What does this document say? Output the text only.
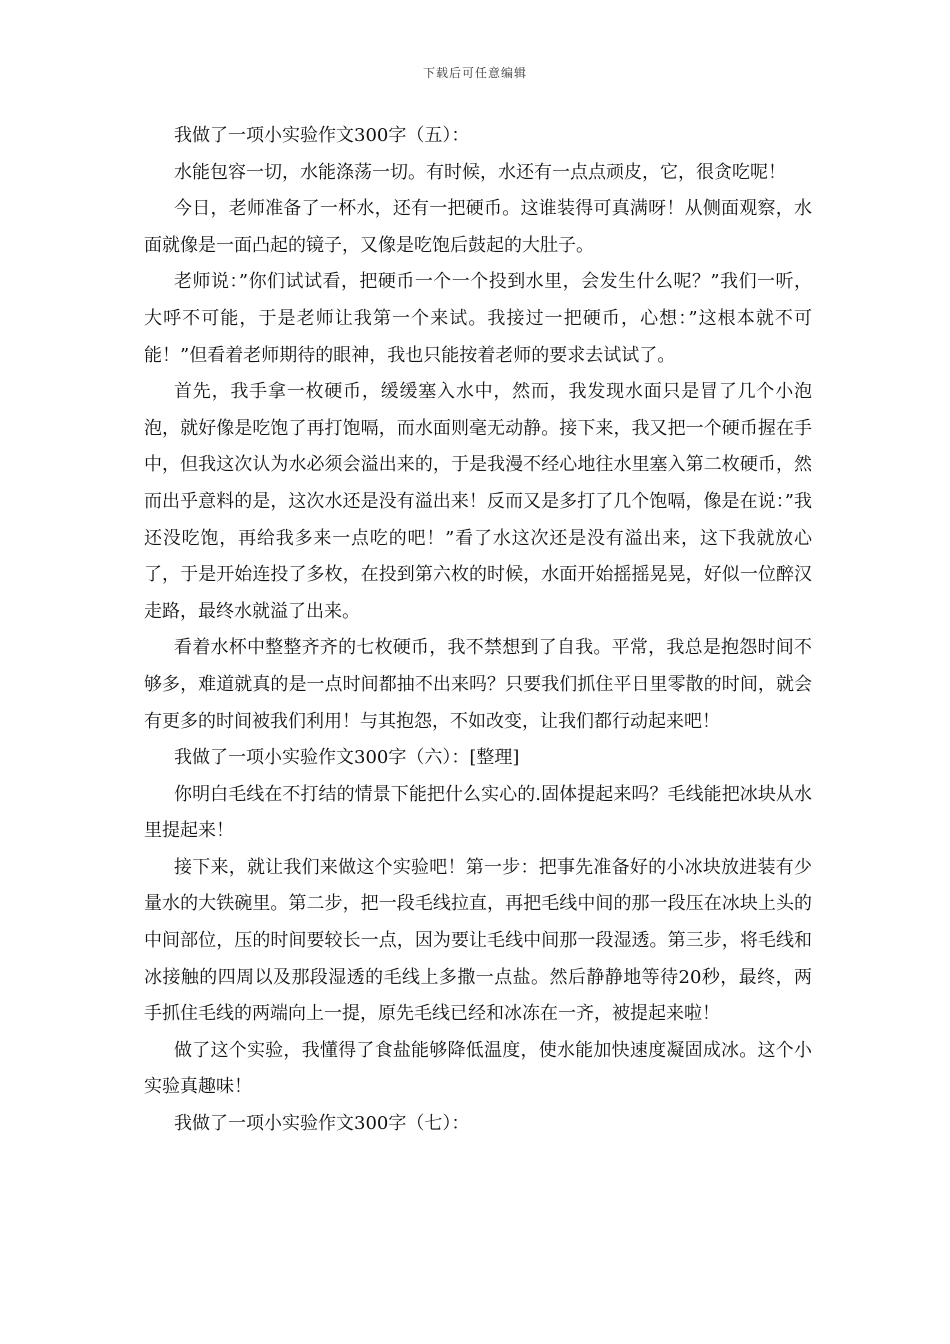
下载后可任意编辑

我做了一项小实验作文300字（五）：

水能包容一切，水能涤荡一切。有时候，水还有一点点顽皮，它，很贪吃呢！

今日，老师准备了一杯水，还有一把硬币。这谁装得可真满呀！从侧面观察，水面就像是一面凸起的镜子，又像是吃饱后鼓起的大肚子。

老师说：”你们试试看，把硬币一个一个投到水里，会发生什么呢？”我们一听，大呼不可能，于是老师让我第一个来试。我接过一把硬币，心想：”这根本就不可能！”但看着老师期待的眼神，我也只能按着老师的要求去试试了。

首先，我手拿一枚硬币，缓缓塞入水中，然而，我发现水面只是冒了几个小泡泡，就好像是吃饱了再打饱嗝，而水面则毫无动静。接下来，我又把一个硬币握在手中，但我这次认为水必须会溢出来的，于是我漫不经心地往水里塞入第二枚硬币，然而出乎意料的是，这次水还是没有溢出来！反而又是多打了几个饱嗝，像是在说：”我还没吃饱，再给我多来一点吃的吧！”看了水这次还是没有溢出来，这下我就放心了，于是开始连投了多枚，在投到第六枚的时候，水面开始摇摇晃晃，好似一位醉汉走路，最终水就溢了出来。

看着水杯中整整齐齐的七枚硬币，我不禁想到了自我。平常，我总是抱怨时间不够多，难道就真的是一点时间都抽不出来吗？只要我们抓住平日里零散的时间，就会有更多的时间被我们利用！与其抱怨，不如改变，让我们都行动起来吧！

我做了一项小实验作文300字（六）：[整理]

你明白毛线在不打结的情景下能把什么实心的.固体提起来吗？毛线能把冰块从水里提起来！

接下来，就让我们来做这个实验吧！第一步：把事先准备好的小冰块放进装有少量水的大铁碗里。第二步，把一段毛线拉直，再把毛线中间的那一段压在冰块上头的中间部位，压的时间要较长一点，因为要让毛线中间那一段湿透。第三步，将毛线和冰接触的四周以及那段湿透的毛线上多撒一点盐。然后静静地等待20秒，最终，两手抓住毛线的两端向上一提，原先毛线已经和冰冻在一齐，被提起来啦！

做了这个实验，我懂得了食盐能够降低温度，使水能加快速度凝固成冰。这个小实验真趣味！

我做了一项小实验作文300字（七）：
